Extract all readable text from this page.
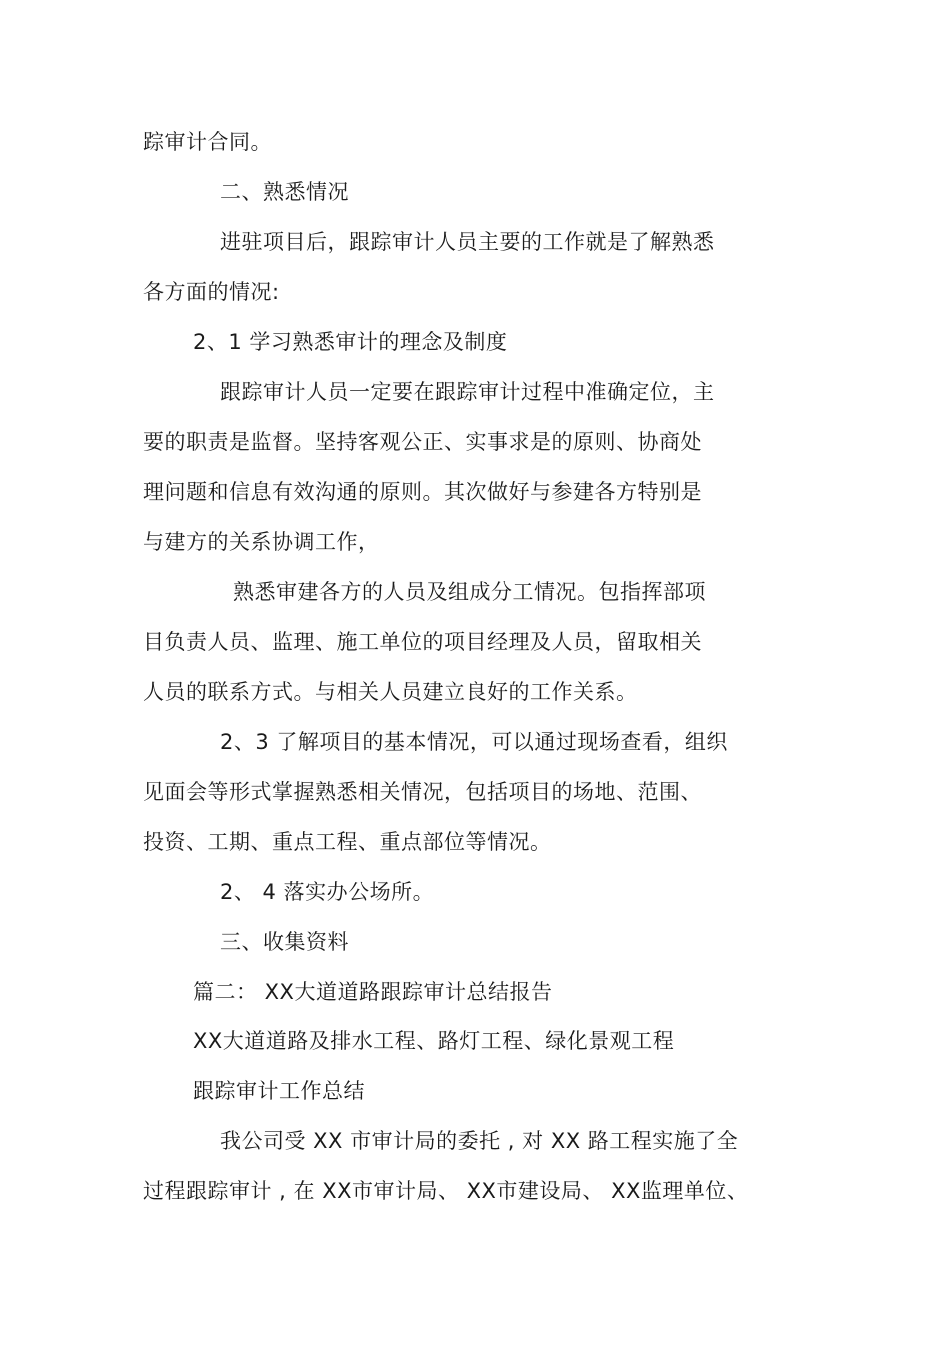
踪审计合同。
二、熟悉情况
进驻项目后，跟踪审计人员主要的工作就是了解熟悉
各方面的情况:
2、1 学习熟悉审计的理念及制度
跟踪审计人员一定要在跟踪审计过程中准确定位，主
要的职责是监督。坚持客观公正、实事求是的原则、协商处
理问题和信息有效沟通的原则。其次做好与参建各方特别是
与建方的关系协调工作，
熟悉审建各方的人员及组成分工情况。包指挥部项
目负责人员、监理、施工单位的项目经理及人员，留取相关
人员的联系方式。与相关人员建立良好的工作关系。
2、3 了解项目的基本情况，可以通过现场查看，组织
见面会等形式掌握熟悉相关情况，包括项目的场地、范围、
投资、工期、重点工程、重点部位等情况。
2、 4 落实办公场所。
三、收集资料
篇二： XX大道道路跟踪审计总结报告
XX大道道路及排水工程、路灯工程、绿化景观工程
跟踪审计工作总结
我公司受 XX 市审计局的委托 , 对 XX 路工程实施了全
过程跟踪审计 , 在 XX市审计局、 XX市建设局、 XX监理单位、
